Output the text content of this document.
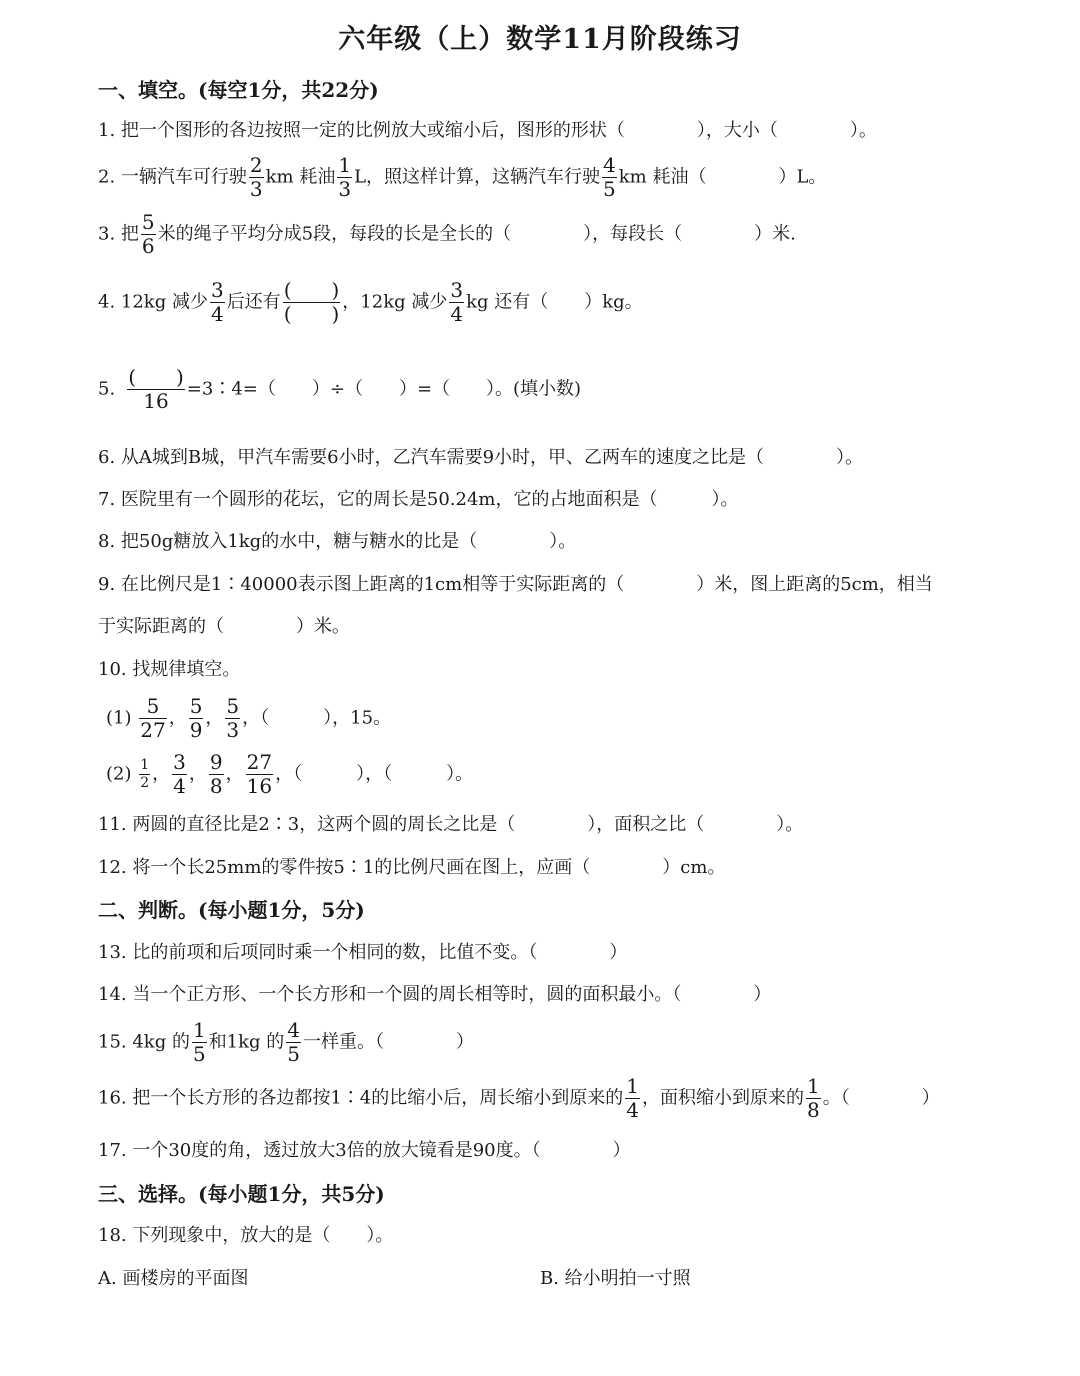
六年级（上）数学11月阶段练习
一、填空。(每空1分，共22分)
1. 把一个图形的各边按照一定的比例放大或缩小后，图形的形状（　　　　），大小（　　　　）。
2. 一辆汽车可行驶 $\frac{2}{3}$ km 耗油 $\frac{1}{3}$ L，照这样计算，这辆汽车行驶 $\frac{4}{5}$ km 耗油（　　　　）L。
3. 把 $\frac{5}{6}$ 米的绳子平均分成5段，每段的长是全长的（　　　　），每段长（　　　　）米.
4. 12kg 减少 $\frac{3}{4}$ 后还有 $\frac{( )}{( )}$ ，12kg 减少 $\frac{3}{4}$ kg 还有（　　）kg。
5. $\frac{( )}{16}$ =3∶4=（　　）÷（　　）=（　　）。(填小数)
6. 从A城到B城，甲汽车需要6小时，乙汽车需要9小时，甲、乙两车的速度之比是（　　　　）。
7. 医院里有一个圆形的花坛，它的周长是50.24m，它的占地面积是（　　　）。
8. 把50g糖放入1kg的水中，糖与糖水的比是（　　　　）。
9. 在比例尺是1∶40000表示图上距离的1cm相等于实际距离的（　　　　）米，图上距离的5cm，相当
于实际距离的（　　　　）米。
10. 找规律填空。
$(1) \frac{5}{27}$ ， $\frac{5}{9}$ ， $\frac{5}{3}$ ，（　　　），15。
$(2) \frac{1}{2}$ ， $\frac{3}{4}$ ， $\frac{9}{8}$ ， $\frac{27}{16}$ ，（　　　），（　　　）。
11. 两圆的直径比是2∶3，这两个圆的周长之比是（　　　　），面积之比（　　　　）。
12. 将一个长25mm的零件按5∶1的比例尺画在图上，应画（　　　　）cm。
二、判断。(每小题1分，5分)
13. 比的前项和后项同时乘一个相同的数，比值不变。（　　　　）
14. 当一个正方形、一个长方形和一个圆的周长相等时，圆的面积最小。（　　　　）
15. 4kg 的 $\frac{1}{5}$ 和1kg 的 $\frac{4}{5}$ 一样重。（　　　　）
16. 把一个长方形的各边都按1∶4的比缩小后，周长缩小到原来的 $\frac{1}{4}$ ，面积缩小到原来的 $\frac{1}{8}$ 。（　　　　）
17. 一个30度的角，透过放大3倍的放大镜看是90度。（　　　　）
三、选择。(每小题1分，共5分)
18. 下列现象中，放大的是（　　）。
A. 画楼房的平面图	B. 给小明拍一寸照
